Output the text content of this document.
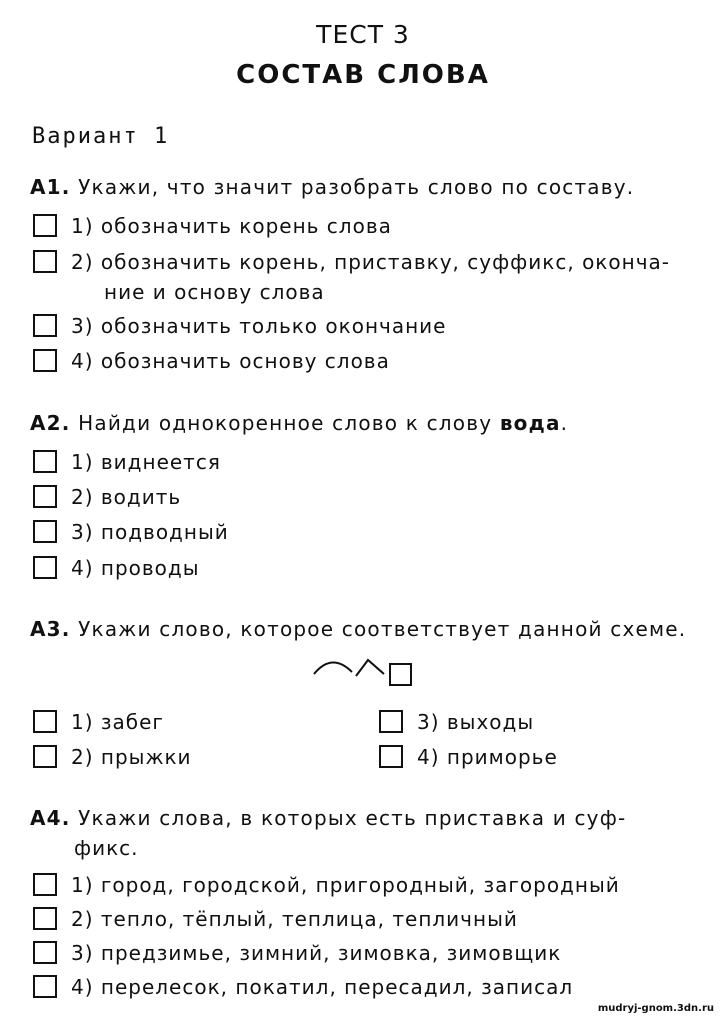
ТЕСТ 3
СОСТАВ СЛОВА
Вариант 1
А1. Укажи, что значит разобрать слово по составу.
1) обозначить корень слова
2) обозначить корень, приставку, суффикс, оконча-
ние и основу слова
3) обозначить только окончание
4) обозначить основу слова
А2. Найди однокоренное слово к слову вода.
1) виднеется
2) водить
3) подводный
4) проводы
А3. Укажи слово, которое соответствует данной схеме.
1) забег
2) прыжки
3) выходы
4) приморье
А4. Укажи слова, в которых есть приставка и суф-
фикс.
1) город, городской, пригородный, загородный
2) тепло, тёплый, теплица, тепличный
3) предзимье, зимний, зимовка, зимовщик
4) перелесок, покатил, пересадил, записал
mudryj-gnom.3dn.ru
